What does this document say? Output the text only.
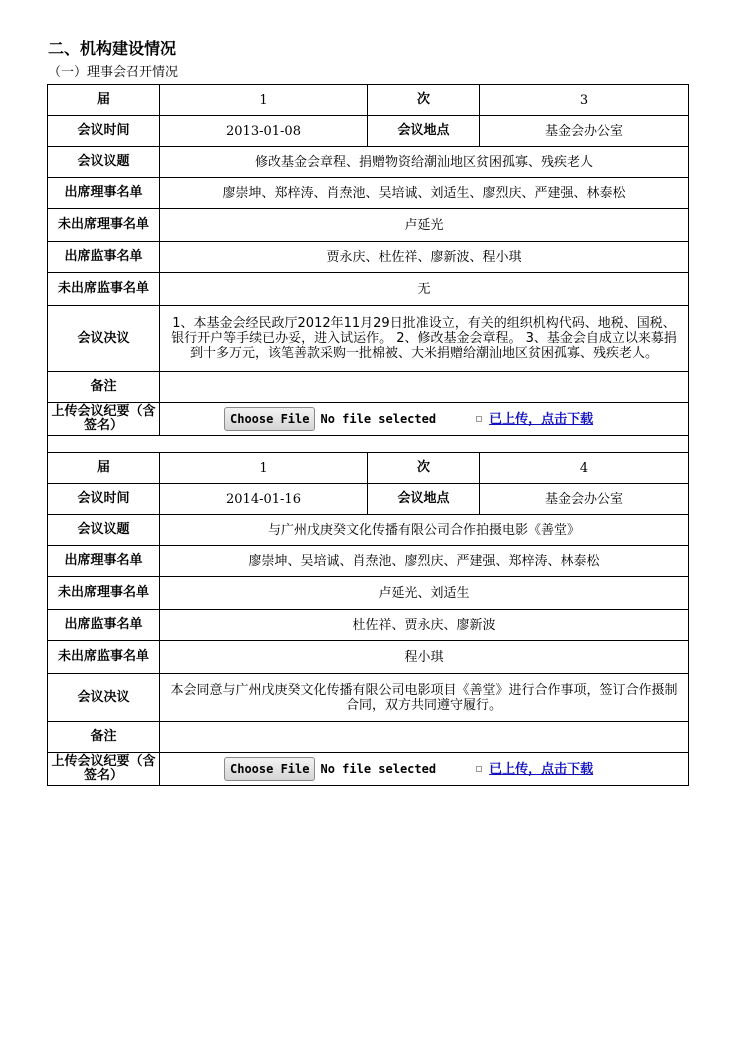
二、机构建设情况
（一）理事会召开情况
届	1	次	3
会议时间	2013-01-08	会议地点	基金会办公室
会议议题	修改基金会章程、捐赠物资给潮汕地区贫困孤寡、残疾老人		
出席理事名单	廖崇坤、郑梓涛、肖焘池、吴培诚、刘适生、廖烈庆、严建强、林泰松		
未出席理事名单	卢延光		
出席监事名单	贾永庆、杜佐祥、廖新波、程小琪		
未出席监事名单	无		
会议决议	1、本基金会经民政厅2012年11月29日批准设立，有关的组织机构代码、地税、国税、银行开户等手续已办妥，进入试运作。 2、修改基金会章程。 3、基金会自成立以来募捐到十多万元，该笔善款采购一批棉被、大米捐赠给潮汕地区贫困孤寡、残疾老人。		
备注			
上传会议纪要（含签名）	Choose File No file selected 已上传，点击下载		

届	1	次	4
会议时间	2014-01-16	会议地点	基金会办公室
会议议题	与广州戊庚癸文化传播有限公司合作拍摄电影《善堂》		
出席理事名单	廖崇坤、吴培诚、肖焘池、廖烈庆、严建强、郑梓涛、林泰松		
未出席理事名单	卢延光、刘适生		
出席监事名单	杜佐祥、贾永庆、廖新波		
未出席监事名单	程小琪		
会议决议	本会同意与广州戊庚癸文化传播有限公司电影项目《善堂》进行合作事项，签订合作摄制合同，双方共同遵守履行。		
备注			
上传会议纪要（含签名）	Choose File No file selected 已上传，点击下载		
